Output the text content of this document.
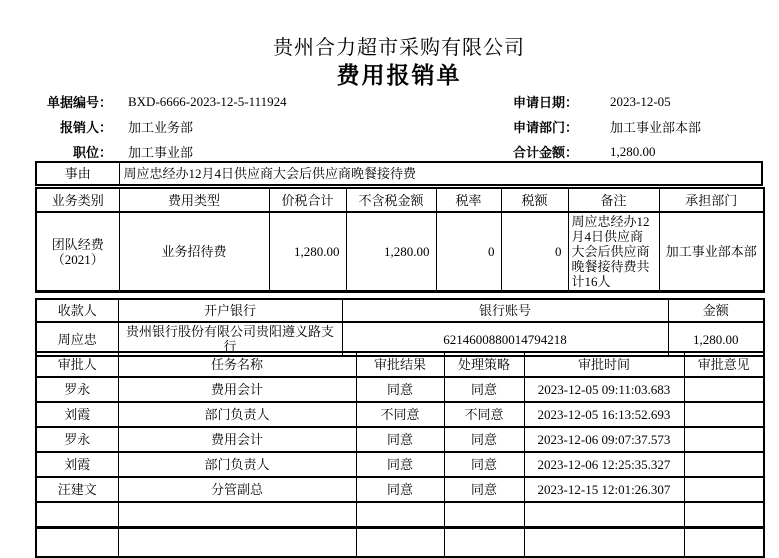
贵州合力超市采购有限公司
费用报销单
单据编号： BXD-6666-2023-12-5-111924
报销人： 加工业务部
职位： 加工事业部
申请日期：	2023-12-05
申请部门：	加工事业部本部
合计金额：	1,280.00
事由	周应忠经办12月4日供应商大会后供应商晚餐接待费
业务类别	费用类型	价税合计	不含税金额	税率	税额	备注	承担部门
团队经费（2021）	业务招待费	1,280.00	1,280.00	0	0	周应忠经办12月4日供应商大会后供应商晚餐接待费共计16人	加工事业部本部
收款人	开户银行	银行账号	金额
周应忠	贵州银行股份有限公司贵阳遵义路支行	6214600880014794218	1,280.00
审批人	任务名称	审批结果	处理策略	审批时间	审批意见
罗永	费用会计	同意	同意	2023-12-05 09:11:03.683	
刘霞	部门负责人	不同意	不同意	2023-12-05 16:13:52.693	
罗永	费用会计	同意	同意	2023-12-06 09:07:37.573	
刘霞	部门负责人	同意	同意	2023-12-06 12:25:35.327	
汪建文	分管副总	同意	同意	2023-12-15 12:01:26.307	
